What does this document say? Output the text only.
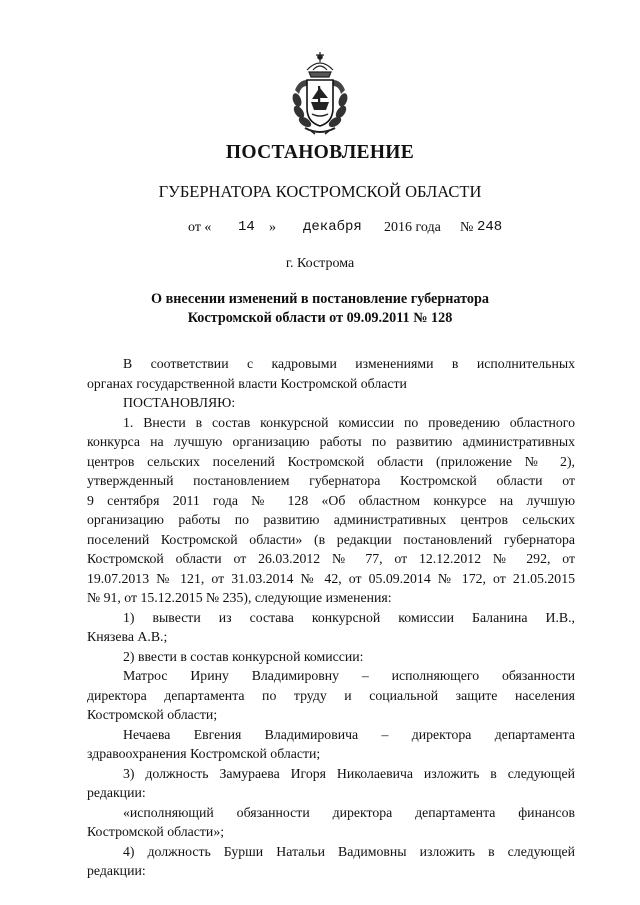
ПОСТАНОВЛЕНИЕ
ГУБЕРНАТОРА КОСТРОМСКОЙ ОБЛАСТИ
от « 14 » декабря 2016 года № 248
г. Кострома
О внесении изменений в постановление губернатора
Костромской области от 09.09.2011 № 128
В соответствии с кадровыми изменениями в исполнительных
органах государственной власти Костромской области
ПОСТАНОВЛЯЮ:
1. Внести в состав конкурсной комиссии по проведению областного
конкурса на лучшую организацию работы по развитию административных
центров сельских поселений Костромской области (приложение № 2),
утвержденный постановлением губернатора Костромской области от
9 сентября 2011 года № 128 «Об областном конкурсе на лучшую
организацию работы по развитию административных центров сельских
поселений Костромской области» (в редакции постановлений губернатора
Костромской области от 26.03.2012 № 77, от 12.12.2012 № 292, от
19.07.2013 № 121, от 31.03.2014 № 42, от 05.09.2014 № 172, от 21.05.2015
№ 91, от 15.12.2015 № 235), следующие изменения:
1) вывести из состава конкурсной комиссии Баланина И.В.,
Князева А.В.;
2) ввести в состав конкурсной комиссии:
Матрос Ирину Владимировну – исполняющего обязанности
директора департамента по труду и социальной защите населения
Костромской области;
Нечаева Евгения Владимировича – директора департамента
здравоохранения Костромской области;
3) должность Замураева Игоря Николаевича изложить в следующей
редакции:
«исполняющий обязанности директора департамента финансов
Костромской области»;
4) должность Бурши Натальи Вадимовны изложить в следующей
редакции:
